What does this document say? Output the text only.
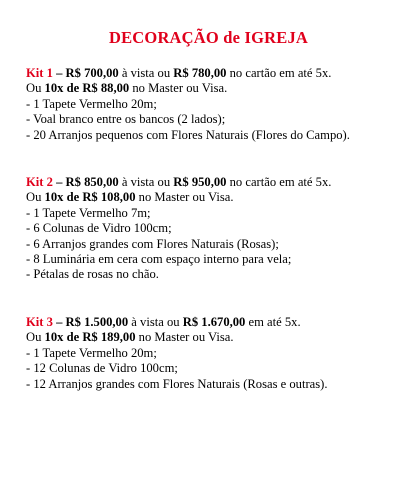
DECORAÇÃO de IGREJA

Kit 1 – R$ 700,00 à vista ou R$ 780,00 no cartão em até 5x.

Ou 10x de R$ 88,00 no Master ou Visa.

- 1 Tapete Vermelho 20m;

- Voal branco entre os bancos (2 lados);

- 20 Arranjos pequenos com Flores Naturais (Flores do Campo).

Kit 2 – R$ 850,00 à vista ou R$ 950,00 no cartão em até 5x.

Ou 10x de R$ 108,00 no Master ou Visa.

- 1 Tapete Vermelho 7m;

- 6 Colunas de Vidro 100cm;

- 6 Arranjos grandes com Flores Naturais (Rosas);

- 8 Luminária em cera com espaço interno para vela;

- Pétalas de rosas no chão.

Kit 3 – R$ 1.500,00 à vista ou R$ 1.670,00 em até 5x.

Ou 10x de R$ 189,00 no Master ou Visa.

- 1 Tapete Vermelho 20m;

- 12 Colunas de Vidro 100cm;

- 12 Arranjos grandes com Flores Naturais (Rosas e outras).
